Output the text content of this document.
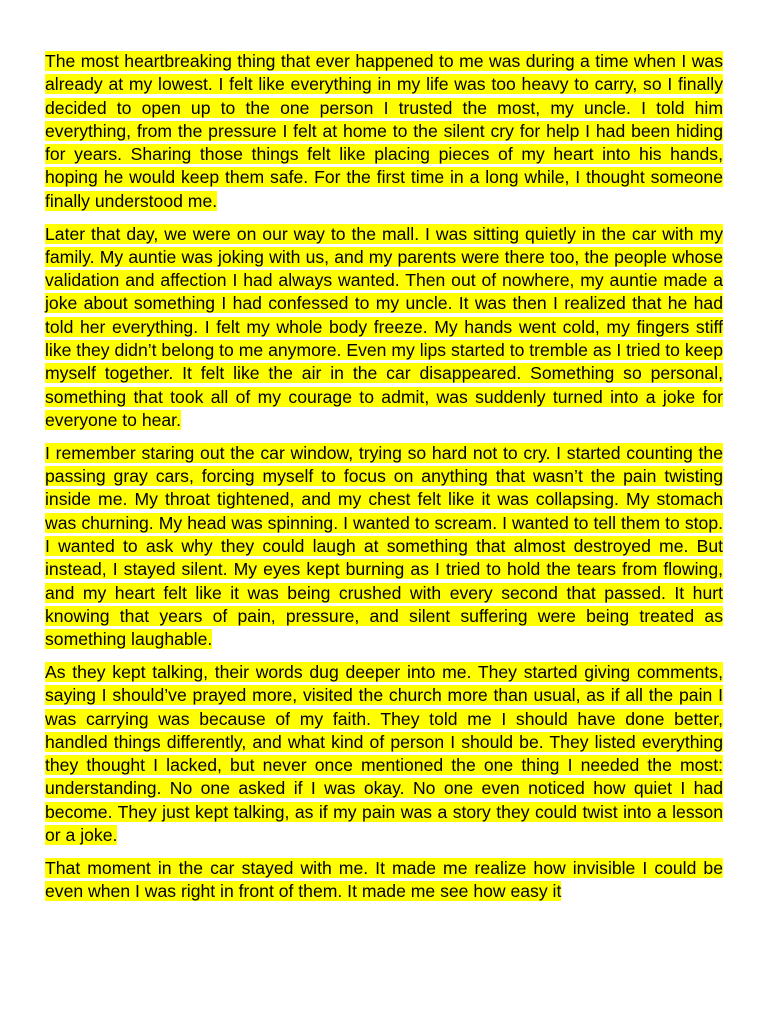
The most heartbreaking thing that ever happened to me was during a time when I was already at my lowest. I felt like everything in my life was too heavy to carry, so I finally decided to open up to the one person I trusted the most, my uncle. I told him everything, from the pressure I felt at home to the silent cry for help I had been hiding for years. Sharing those things felt like placing pieces of my heart into his hands, hoping he would keep them safe. For the first time in a long while, I thought someone finally understood me.

Later that day, we were on our way to the mall. I was sitting quietly in the car with my family. My auntie was joking with us, and my parents were there too, the people whose validation and affection I had always wanted. Then out of nowhere, my auntie made a joke about something I had confessed to my uncle. It was then I realized that he had told her everything. I felt my whole body freeze. My hands went cold, my fingers stiff like they didn’t belong to me anymore. Even my lips started to tremble as I tried to keep myself together. It felt like the air in the car disappeared. Something so personal, something that took all of my courage to admit, was suddenly turned into a joke for everyone to hear.

I remember staring out the car window, trying so hard not to cry. I started counting the passing gray cars, forcing myself to focus on anything that wasn’t the pain twisting inside me. My throat tightened, and my chest felt like it was collapsing. My stomach was churning. My head was spinning. I wanted to scream. I wanted to tell them to stop. I wanted to ask why they could laugh at something that almost destroyed me. But instead, I stayed silent. My eyes kept burning as I tried to hold the tears from flowing, and my heart felt like it was being crushed with every second that passed. It hurt knowing that years of pain, pressure, and silent suffering were being treated as something laughable.

As they kept talking, their words dug deeper into me. They started giving comments, saying I should’ve prayed more, visited the church more than usual, as if all the pain I was carrying was because of my faith. They told me I should have done better, handled things differently, and what kind of person I should be. They listed everything they thought I lacked, but never once mentioned the one thing I needed the most: understanding. No one asked if I was okay. No one even noticed how quiet I had become. They just kept talking, as if my pain was a story they could twist into a lesson or a joke.

That moment in the car stayed with me. It made me realize how invisible I could be even when I was right in front of them. It made me see how easy it
